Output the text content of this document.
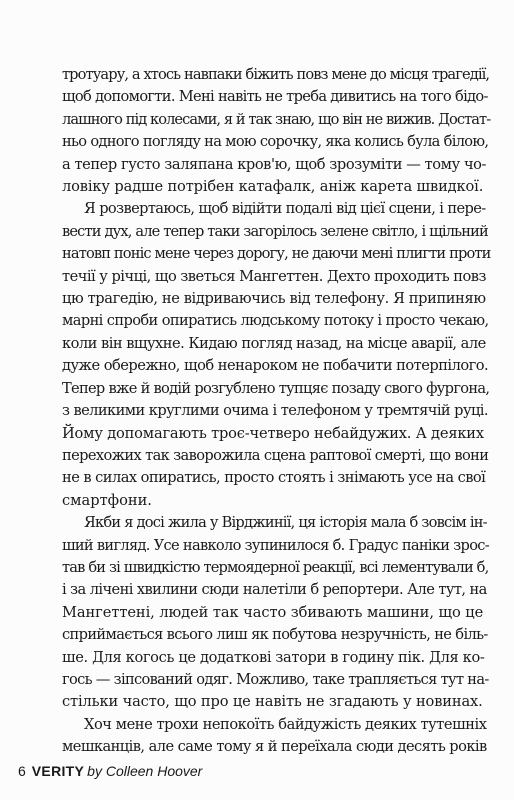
тротуару, а хтось навпаки біжить повз мене до місця трагедії,
щоб допомогти. Мені навіть не треба дивитись на того бідо-
лашного під колесами, я й так знаю, що він не вижив. Достат-
ньо одного погляду на мою сорочку, яка колись була білою,
а тепер густо заляпана кров'ю, щоб зрозуміти — тому чо-
ловіку радше потрібен катафалк, аніж карета швидкої.
Я розвертаюсь, щоб відійти подалі від цієї сцени, і пере-
вести дух, але тепер таки загорілось зелене світло, і щільний
натовп поніс мене через дорогу, не даючи мені плигти проти
течії у річці, що зветься Мангеттен. Дехто проходить повз
цю трагедію, не відриваючись від телефону. Я припиняю
марні спроби опиратись людському потоку і просто чекаю,
коли він вщухне. Кидаю погляд назад, на місце аварії, але
дуже обережно, щоб ненароком не побачити потерпілого.
Тепер вже й водій розгублено тупцяє позаду свого фургона,
з великими круглими очима і телефоном у тремтячій руці.
Йому допомагають троє-четверо небайдужих. А деяких
перехожих так заворожила сцена раптової смерті, що вони
не в силах опиратись, просто стоять і знімають усе на свої
смартфони.
Якби я досі жила у Вірджинії, ця історія мала б зовсім ін-
ший вигляд. Усе навколо зупинилося б. Градус паніки зрос-
тав би зі швидкістю термоядерної реакції, всі лементували б,
і за лічені хвилини сюди налетіли б репортери. Але тут, на
Мангеттені, людей так часто збивають машини, що це
сприймається всього лиш як побутова незручність, не біль-
ше. Для когось це додаткові затори в годину пік. Для ко-
гось — зіпсований одяг. Можливо, таке трапляється тут на-
стільки часто, що про це навіть не згадають у новинах.
Хоч мене трохи непокоїть байдужість деяких тутешніх
мешканців, але саме тому я й переїхала сюди десять років
6 VERITY by Colleen Hoover
